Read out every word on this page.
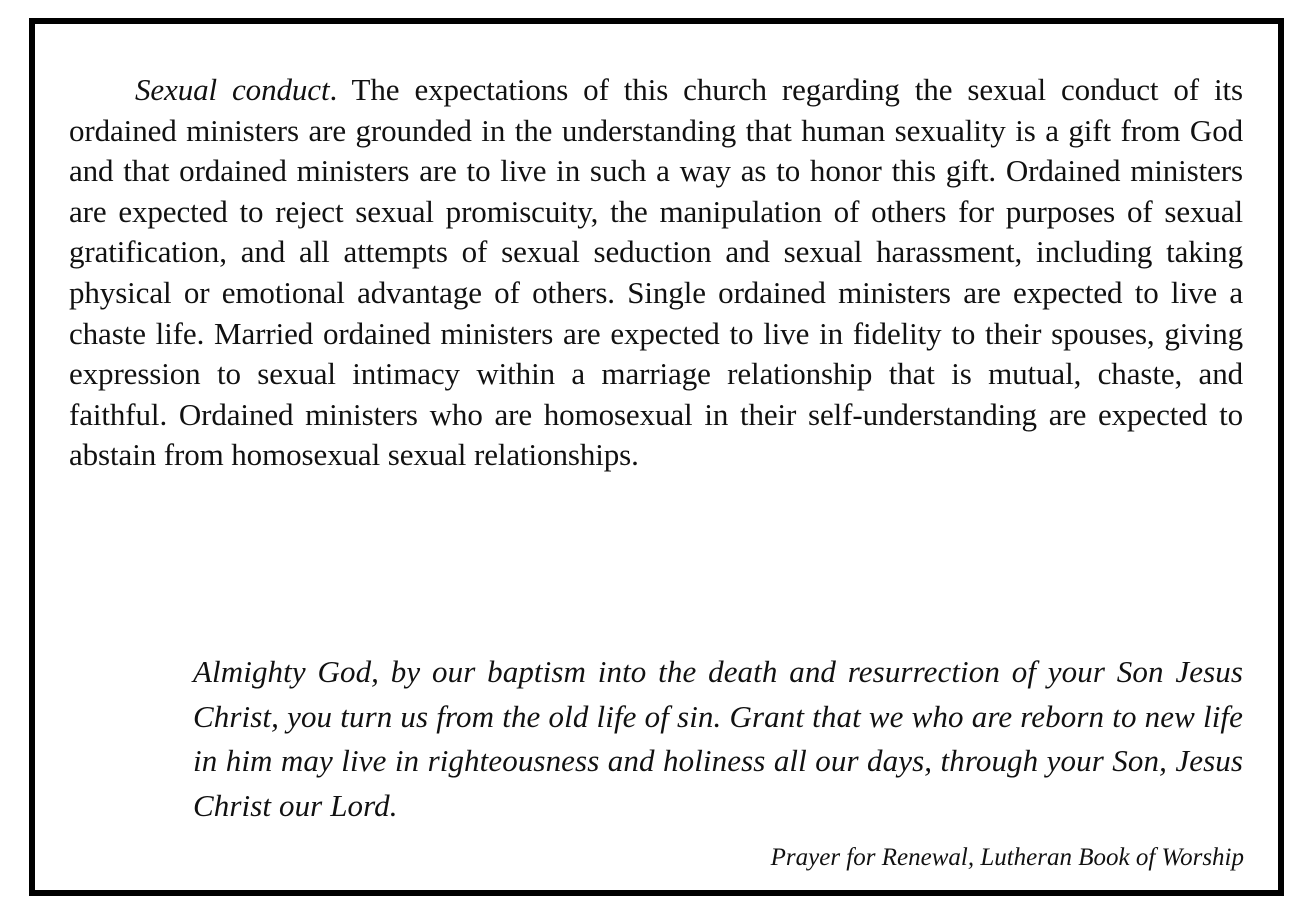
Sexual conduct. The expectations of this church regarding the sexual conduct of its ordained ministers are grounded in the understanding that human sexuality is a gift from God and that ordained ministers are to live in such a way as to honor this gift. Ordained ministers are expected to reject sexual promiscuity, the manipulation of others for purposes of sexual gratification, and all attempts of sexual seduction and sexual harassment, including taking physical or emotional advantage of others. Single ordained ministers are expected to live a chaste life. Married ordained ministers are expected to live in fidelity to their spouses, giving expression to sexual intimacy within a marriage relationship that is mutual, chaste, and faithful. Ordained ministers who are homosexual in their self-understanding are expected to abstain from homosexual sexual relationships.

Almighty God, by our baptism into the death and resurrection of your Son Jesus Christ, you turn us from the old life of sin. Grant that we who are reborn to new life in him may live in righteousness and holiness all our days, through your Son, Jesus Christ our Lord.

Prayer for Renewal, Lutheran Book of Worship
